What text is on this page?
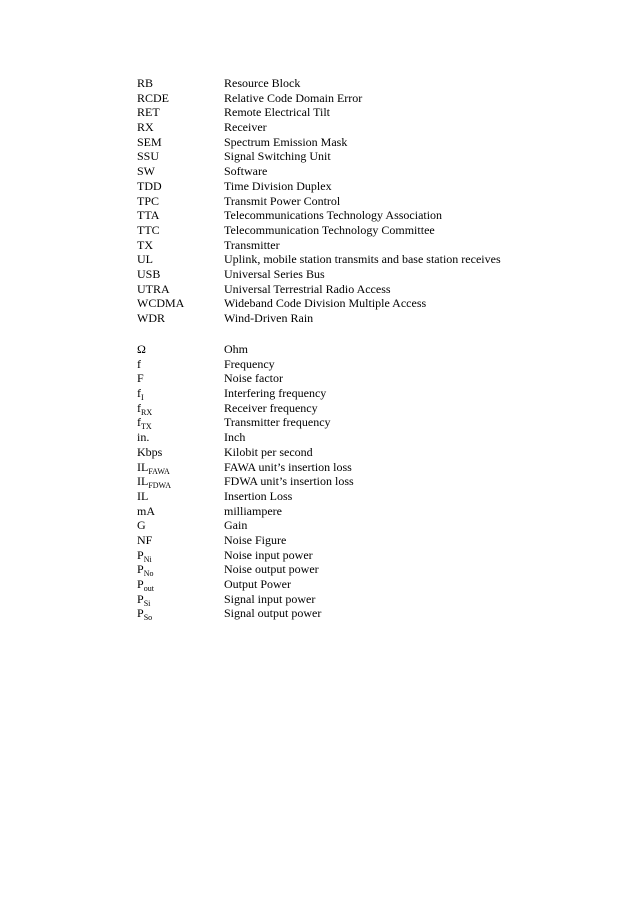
RB	Resource Block
RCDE	Relative Code Domain Error
RET	Remote Electrical Tilt
RX	Receiver
SEM	Spectrum Emission Mask
SSU	Signal Switching Unit
SW	Software
TDD	Time Division Duplex
TPC	Transmit Power Control
TTA	Telecommunications Technology Association
TTC	Telecommunication Technology Committee
TX	Transmitter
UL	Uplink, mobile station transmits and base station receives
USB	Universal Series Bus
UTRA	Universal Terrestrial Radio Access
WCDMA	Wideband Code Division Multiple Access
WDR	Wind-Driven Rain
Ω	Ohm
f	Frequency
F	Noise factor
$f_I$	Interfering frequency
$f_{RX}$	Receiver frequency
$f_{TX}$	Transmitter frequency
in.	Inch
Kbps	Kilobit per second
$IL_{FAWA}$	FAWA unit’s insertion loss
$IL_{FDWA}$	FDWA unit’s insertion loss
IL	Insertion Loss
mA	milliampere
G	Gain
NF	Noise Figure
$P_{Ni}$	Noise input power
$P_{No}$	Noise output power
$P_{out}$	Output Power
$P_{Si}$	Signal input power
$P_{So}$	Signal output power
